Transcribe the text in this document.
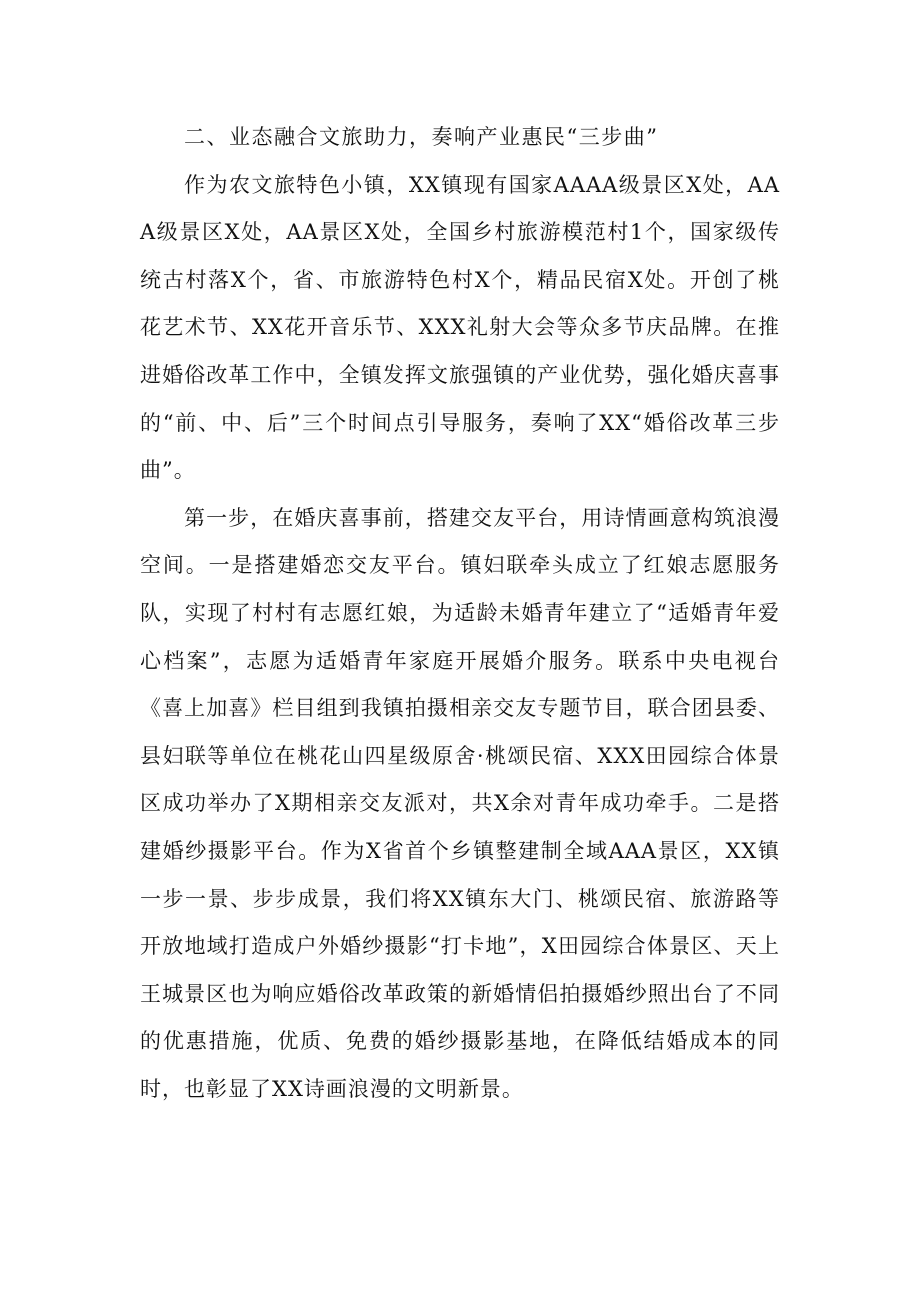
二、业态融合文旅助力，奏响产业惠民“三步曲”

作为农文旅特色小镇，XX镇现有国家AAAA级景区X处，AAA级景区X处，AA景区X处，全国乡村旅游模范村1个，国家级传统古村落X个，省、市旅游特色村X个，精品民宿X处。开创了桃花艺术节、XX花开音乐节、XXX礼射大会等众多节庆品牌。在推进婚俗改革工作中，全镇发挥文旅强镇的产业优势，强化婚庆喜事的“前、中、后”三个时间点引导服务，奏响了XX“婚俗改革三步曲”。

第一步，在婚庆喜事前，搭建交友平台，用诗情画意构筑浪漫空间。一是搭建婚恋交友平台。镇妇联牵头成立了红娘志愿服务队，实现了村村有志愿红娘，为适龄未婚青年建立了“适婚青年爱心档案”，志愿为适婚青年家庭开展婚介服务。联系中央电视台《喜上加喜》栏目组到我镇拍摄相亲交友专题节目，联合团县委、县妇联等单位在桃花山四星级原舍·桃颂民宿、XXX田园综合体景区成功举办了X期相亲交友派对，共X余对青年成功牵手。二是搭建婚纱摄影平台。作为X省首个乡镇整建制全域AAA景区，XX镇一步一景、步步成景，我们将XX镇东大门、桃颂民宿、旅游路等开放地域打造成户外婚纱摄影“打卡地”，X田园综合体景区、天上王城景区也为响应婚俗改革政策的新婚情侣拍摄婚纱照出台了不同的优惠措施，优质、免费的婚纱摄影基地，在降低结婚成本的同时，也彰显了XX诗画浪漫的文明新景。
